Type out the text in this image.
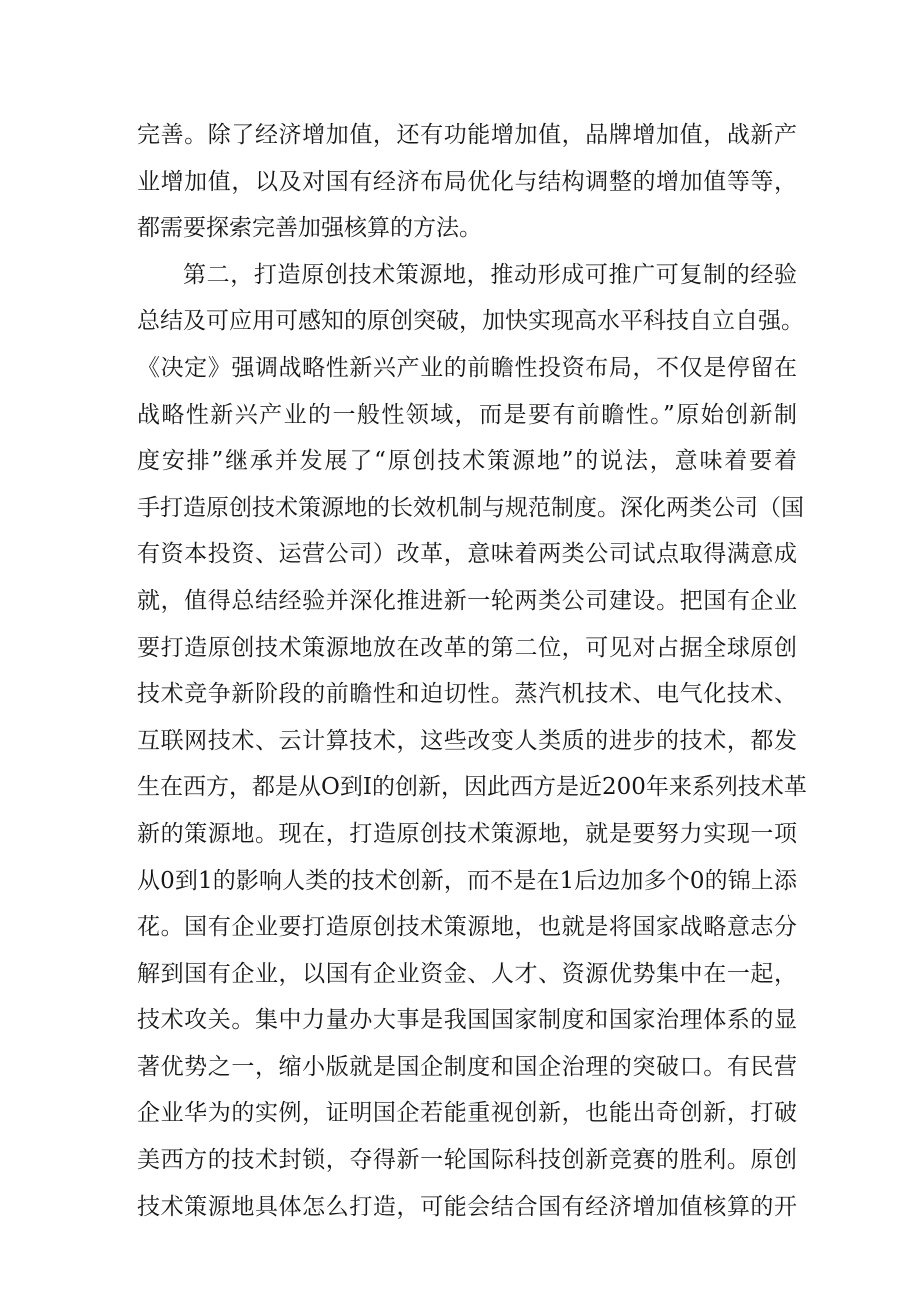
完善。除了经济增加值，还有功能增加值，品牌增加值，战新产
业增加值，以及对国有经济布局优化与结构调整的增加值等等，
都需要探索完善加强核算的方法。
第二，打造原创技术策源地，推动形成可推广可复制的经验
总结及可应用可感知的原创突破，加快实现高水平科技自立自强。
《决定》强调战略性新兴产业的前瞻性投资布局，不仅是停留在
战略性新兴产业的一般性领域，而是要有前瞻性。”原始创新制
度安排”继承并发展了“原创技术策源地”的说法，意味着要着
手打造原创技术策源地的长效机制与规范制度。深化两类公司（国
有资本投资、运营公司）改革，意味着两类公司试点取得满意成
就，值得总结经验并深化推进新一轮两类公司建设。把国有企业
要打造原创技术策源地放在改革的第二位，可见对占据全球原创
技术竞争新阶段的前瞻性和迫切性。蒸汽机技术、电气化技术、
互联网技术、云计算技术，这些改变人类质的进步的技术，都发
生在西方，都是从O到I的创新，因此西方是近200年来系列技术革
新的策源地。现在，打造原创技术策源地，就是要努力实现一项
从0到1的影响人类的技术创新，而不是在1后边加多个0的锦上添
花。国有企业要打造原创技术策源地，也就是将国家战略意志分
解到国有企业，以国有企业资金、人才、资源优势集中在一起，
技术攻关。集中力量办大事是我国国家制度和国家治理体系的显
著优势之一，缩小版就是国企制度和国企治理的突破口。有民营
企业华为的实例，证明国企若能重视创新，也能出奇创新，打破
美西方的技术封锁，夺得新一轮国际科技创新竞赛的胜利。原创
技术策源地具体怎么打造，可能会结合国有经济增加值核算的开
